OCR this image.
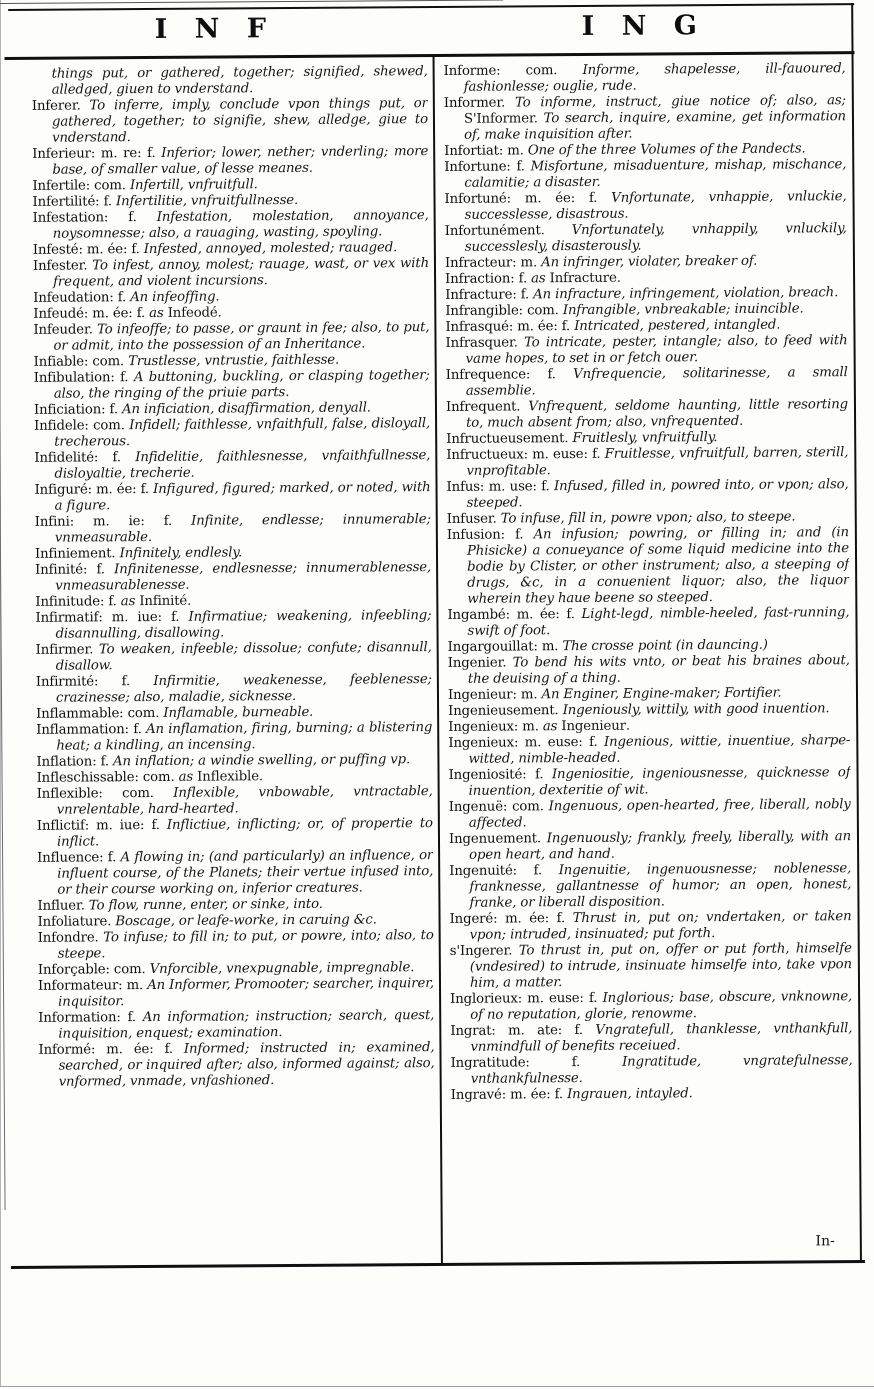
I N F	I N G

things put, or gathered, together; signified, shewed, alledged, giuen to vnderstand.

Inferer. To inferre, imply, conclude vpon things put, or gathered, together; to signifie, shew, alledge, giue to vnderstand.

Inferieur: m. re: f. Inferior; lower, nether; vnderling; more base, of smaller value, of lesse meanes.

Infertile: com. Infertill, vnfruitfull.

Infertilité: f. Infertilitie, vnfruitfullnesse.

Infestation: f. Infestation, molestation, annoyance, noysomnesse; also, a rauaging, wasting, spoyling.

Infesté: m. ée: f. Infested, annoyed, molested; rauaged.

Infester. To infest, annoy, molest; rauage, wast, or vex with frequent, and violent incursions.

Infeudation: f. An infeoffing.

Infeudé: m. ée: f. as Infeodé.

Infeuder. To infeoffe; to passe, or graunt in fee; also, to put, or admit, into the possession of an Inheritance.

Infiable: com. Trustlesse, vntrustie, faithlesse.

Infibulation: f. A buttoning, buckling, or clasping together; also, the ringing of the priuie parts.

Inficiation: f. An inficiation, disaffirmation, denyall.

Infidele: com. Infidell; faithlesse, vnfaithfull, false, disloyall, trecherous.

Infidelité: f. Infidelitie, faithlesnesse, vnfaithfullnesse, disloyaltie, trecherie.

Infiguré: m. ée: f. Infigured, figured; marked, or noted, with a figure.

Infini: m. ie: f. Infinite, endlesse; innumerable; vnmeasurable.

Infiniement. Infinitely, endlesly.

Infinité: f. Infinitenesse, endlesnesse; innumerablenesse, vnmeasurablenesse.

Infinitude: f. as Infinité.

Infirmatif: m. iue: f. Infirmatiue; weakening, infeebling; disannulling, disallowing.

Infirmer. To weaken, infeeble; dissolue; confute; disannull, disallow.

Infirmité: f. Infirmitie, weakenesse, feeblenesse; crazinesse; also, maladie, sicknesse.

Inflammable: com. Inflamable, burneable.

Inflammation: f. An inflamation, firing, burning; a blistering heat; a kindling, an incensing.

Inflation: f. An inflation; a windie swelling, or puffing vp.

Infleschissable: com. as Inflexible.

Inflexible: com. Inflexible, vnbowable, vntractable, vnrelentable, hard-hearted.

Inflictif: m. iue: f. Inflictiue, inflicting; or, of propertie to inflict.

Influence: f. A flowing in; (and particularly) an influence, or influent course, of the Planets; their vertue infused into, or their course working on, inferior creatures.

Influer. To flow, runne, enter, or sinke, into.

Infoliature. Boscage, or leafe-worke, in caruing &c.

Infondre. To infuse; to fill in; to put, or powre, into; also, to steepe.

Inforçable: com. Vnforcible, vnexpugnable, impregnable.

Informateur: m. An Informer, Promooter; searcher, inquirer, inquisitor.

Information: f. An information; instruction; search, quest, inquisition, enquest; examination.

Informé: m. ée: f. Informed; instructed in; examined, searched, or inquired after; also, informed against; also, vnformed, vnmade, vnfashioned.

Informe: com. Informe, shapelesse, ill-fauoured, fashionlesse; ouglie, rude.

Informer. To informe, instruct, giue notice of; also, as; S'Informer. To search, inquire, examine, get information of, make inquisition after.

Infortiat: m. One of the three Volumes of the Pandects.

Infortune: f. Misfortune, misaduenture, mishap, mischance, calamitie; a disaster.

Infortuné: m. ée: f. Vnfortunate, vnhappie, vnluckie, successlesse, disastrous.

Infortunément. Vnfortunately, vnhappily, vnluckily, successlesly, disasterously.

Infracteur: m. An infringer, violater, breaker of.

Infraction: f. as Infracture.

Infracture: f. An infracture, infringement, violation, breach.

Infrangible: com. Infrangible, vnbreakable; inuincible.

Infrasqué: m. ée: f. Intricated, pestered, intangled.

Infrasquer. To intricate, pester, intangle; also, to feed with vame hopes, to set in or fetch ouer.

Infrequence: f. Vnfrequencie, solitarinesse, a small assemblie.

Infrequent. Vnfrequent, seldome haunting, little resorting to, much absent from; also, vnfrequented.

Infructueusement. Fruitlesly, vnfruitfully.

Infructueux: m. euse: f. Fruitlesse, vnfruitfull, barren, sterill, vnprofitable.

Infus: m. use: f. Infused, filled in, powred into, or vpon; also, steeped.

Infuser. To infuse, fill in, powre vpon; also, to steepe.

Infusion: f. An infusion; powring, or filling in; and (in Phisicke) a conueyance of some liquid medicine into the bodie by Clister, or other instrument; also, a steeping of drugs, &c, in a conuenient liquor; also, the liquor wherein they haue beene so steeped.

Ingambé: m. ée: f. Light-legd, nimble-heeled, fast-running, swift of foot.

Ingargouillat: m. The crosse point (in dauncing.)

Ingenier. To bend his wits vnto, or beat his braines about, the deuising of a thing.

Ingenieur: m. An Enginer, Engine-maker; Fortifier.

Ingenieusement. Ingeniously, wittily, with good inuention.

Ingenieux: m. as Ingenieur.

Ingenieux: m. euse: f. Ingenious, wittie, inuentiue, sharpe-witted, nimble-headed.

Ingeniosité: f. Ingeniositie, ingeniousnesse, quicknesse of inuention, dexteritie of wit.

Ingenuë: com. Ingenuous, open-hearted, free, liberall, nobly affected.

Ingenuement. Ingenuously; frankly, freely, liberally, with an open heart, and hand.

Ingenuité: f. Ingenuitie, ingenuousnesse; noblenesse, franknesse, gallantnesse of humor; an open, honest, franke, or liberall disposition.

Ingeré: m. ée: f. Thrust in, put on; vndertaken, or taken vpon; intruded, insinuated; put forth.

s'Ingerer. To thrust in, put on, offer or put forth, himselfe (vndesired) to intrude, insinuate himselfe into, take vpon him, a matter.

Inglorieux: m. euse: f. Inglorious; base, obscure, vnknowne, of no reputation, glorie, renowme.

Ingrat: m. ate: f. Vngratefull, thanklesse, vnthankfull, vnmindfull of benefits receiued.

Ingratitude: f. Ingratitude, vngratefulnesse, vnthankfulnesse.

Ingravé: m. ée: f. Ingrauen, intayled.

In-
